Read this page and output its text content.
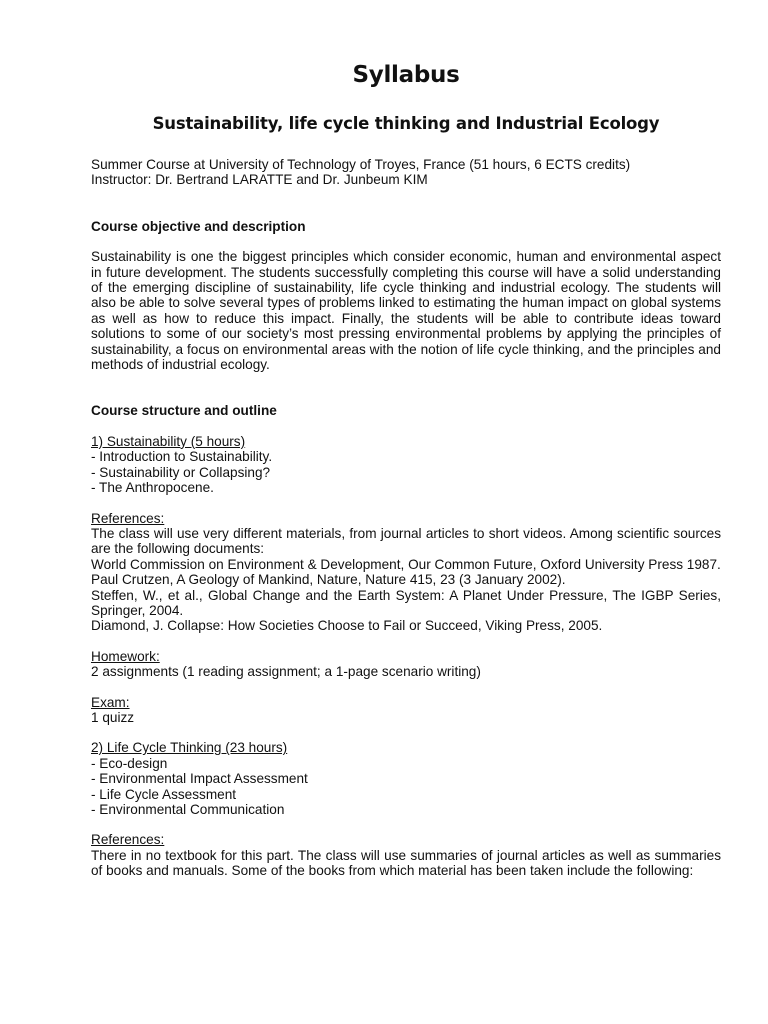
Syllabus
Sustainability, life cycle thinking and Industrial Ecology

Summer Course at University of Technology of Troyes, France (51 hours, 6 ECTS credits)

Instructor: Dr. Bertrand LARATTE and Dr. Junbeum KIM

Course objective and description

Sustainability is one the biggest principles which consider economic, human and environmental aspect in future development. The students successfully completing this course will have a solid understanding of the emerging discipline of sustainability, life cycle thinking and industrial ecology. The students will also be able to solve several types of problems linked to estimating the human impact on global systems as well as how to reduce this impact. Finally, the students will be able to contribute ideas toward solutions to some of our society’s most pressing environmental problems by applying the principles of sustainability, a focus on environmental areas with the notion of life cycle thinking, and the principles and methods of industrial ecology.

Course structure and outline

1) Sustainability (5 hours)

- Introduction to Sustainability.

- Sustainability or Collapsing?

- The Anthropocene.

References:

The class will use very different materials, from journal articles to short videos. Among scientific sources are the following documents:

World Commission on Environment & Development, Our Common Future, Oxford University Press 1987.

Paul Crutzen, A Geology of Mankind, Nature, Nature 415, 23 (3 January 2002).

Steffen, W., et al., Global Change and the Earth System: A Planet Under Pressure, The IGBP Series, Springer, 2004.

Diamond, J. Collapse: How Societies Choose to Fail or Succeed, Viking Press, 2005.

Homework:

2 assignments (1 reading assignment; a 1-page scenario writing)

Exam:

1 quizz

2) Life Cycle Thinking (23 hours)

- Eco-design

- Environmental Impact Assessment

- Life Cycle Assessment

- Environmental Communication

References:

There in no textbook for this part. The class will use summaries of journal articles as well as summaries of books and manuals. Some of the books from which material has been taken include the following:
